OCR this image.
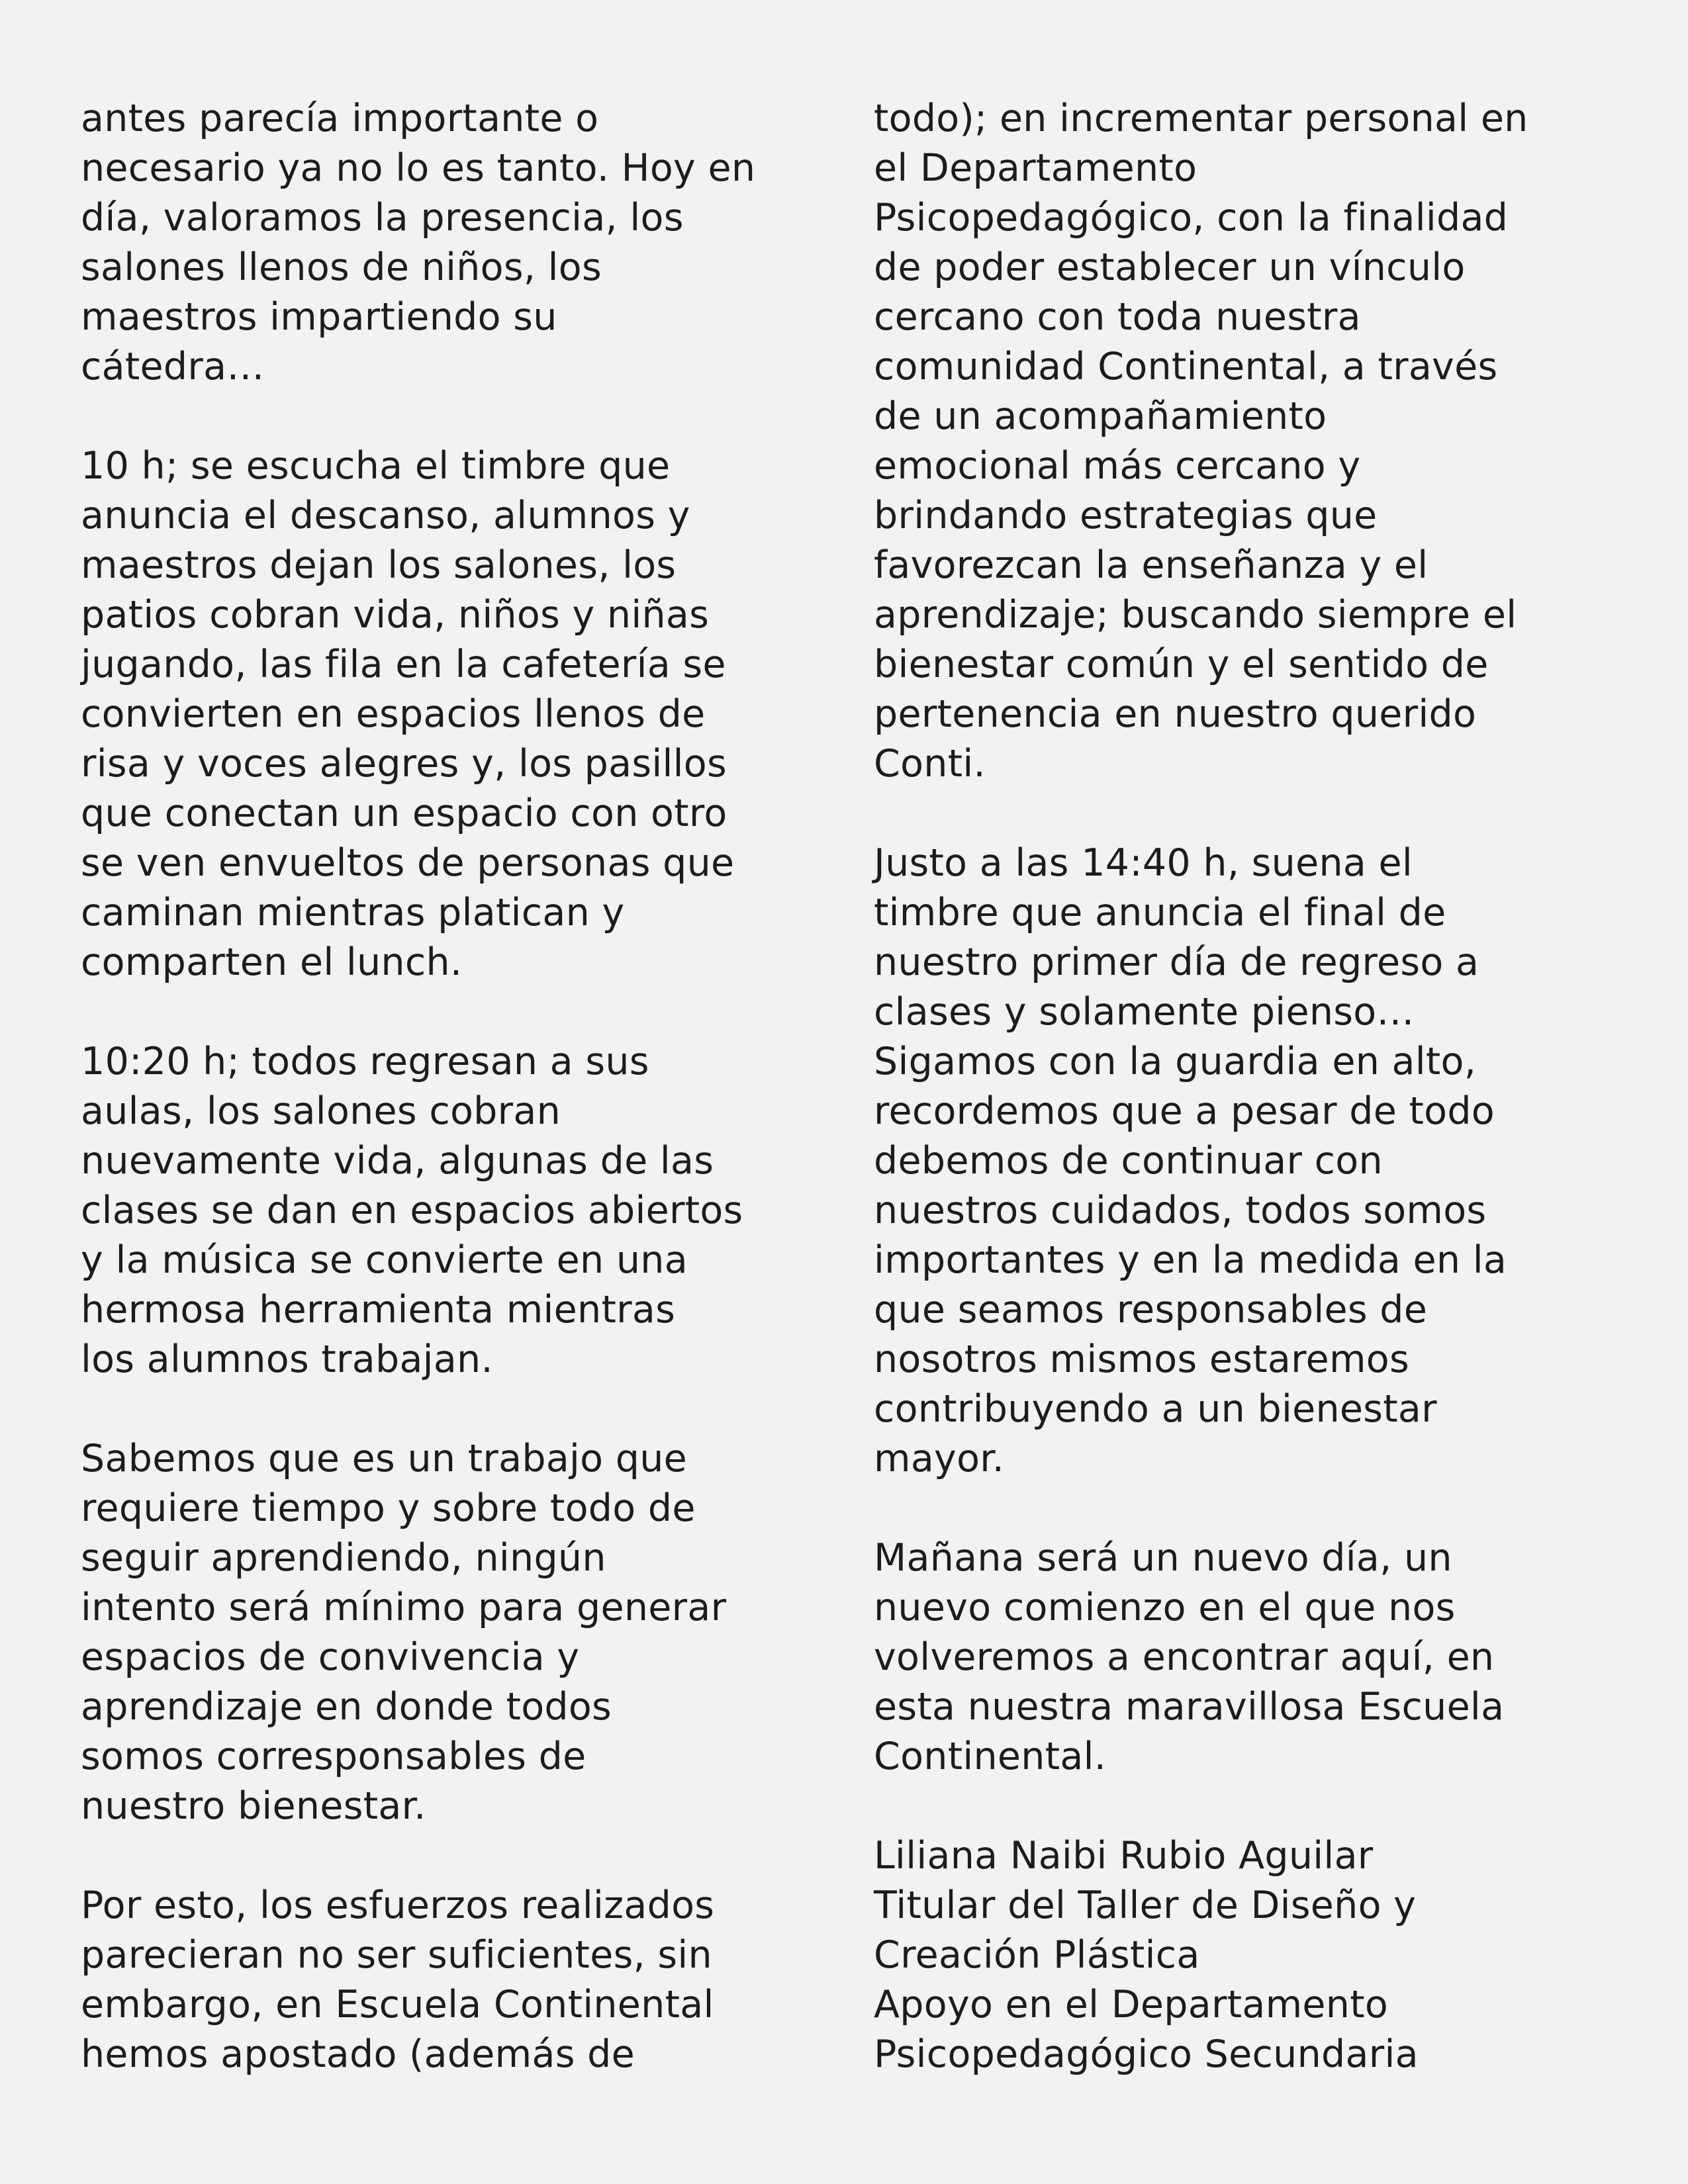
antes parecía importante o
necesario ya no lo es tanto. Hoy en
día, valoramos la presencia, los
salones llenos de niños, los
maestros impartiendo su
cátedra…

10 h; se escucha el timbre que
anuncia el descanso, alumnos y
maestros dejan los salones, los
patios cobran vida, niños y niñas
jugando, las fila en la cafetería se
convierten en espacios llenos de
risa y voces alegres y, los pasillos
que conectan un espacio con otro
se ven envueltos de personas que
caminan mientras platican y
comparten el lunch.

10:20 h; todos regresan a sus
aulas, los salones cobran
nuevamente vida, algunas de las
clases se dan en espacios abiertos
y la música se convierte en una
hermosa herramienta mientras
los alumnos trabajan.

Sabemos que es un trabajo que
requiere tiempo y sobre todo de
seguir aprendiendo, ningún
intento será mínimo para generar
espacios de convivencia y
aprendizaje en donde todos
somos corresponsables de
nuestro bienestar.

Por esto, los esfuerzos realizados
parecieran no ser suficientes, sin
embargo, en Escuela Continental
hemos apostado (además de

todo); en incrementar personal en
el Departamento
Psicopedagógico, con la finalidad
de poder establecer un vínculo
cercano con toda nuestra
comunidad Continental, a través
de un acompañamiento
emocional más cercano y
brindando estrategias que
favorezcan la enseñanza y el
aprendizaje; buscando siempre el
bienestar común y el sentido de
pertenencia en nuestro querido
Conti.

Justo a las 14:40 h, suena el
timbre que anuncia el final de
nuestro primer día de regreso a
clases y solamente pienso…
Sigamos con la guardia en alto,
recordemos que a pesar de todo
debemos de continuar con
nuestros cuidados, todos somos
importantes y en la medida en la
que seamos responsables de
nosotros mismos estaremos
contribuyendo a un bienestar
mayor.

Mañana será un nuevo día, un
nuevo comienzo en el que nos
volveremos a encontrar aquí, en
esta nuestra maravillosa Escuela
Continental.

Liliana Naibi Rubio Aguilar
Titular del Taller de Diseño y
Creación Plástica
Apoyo en el Departamento
Psicopedagógico Secundaria
